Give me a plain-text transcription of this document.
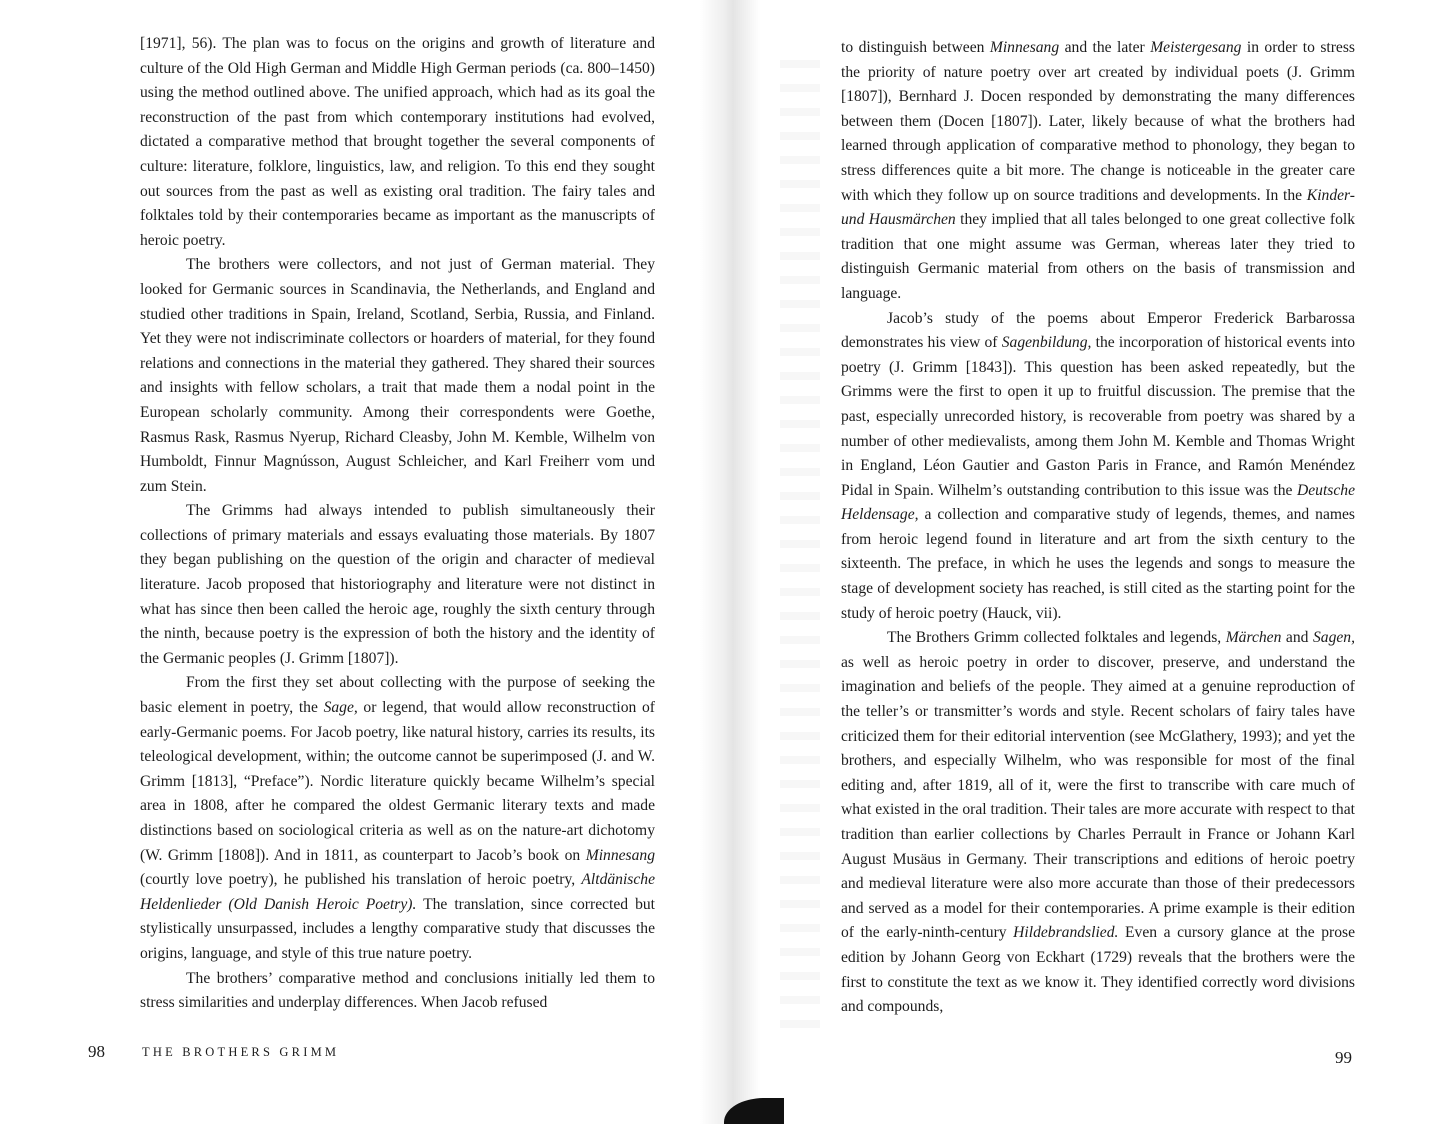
[1971], 56). The plan was to focus on the origins and growth of literature and culture of the Old High German and Middle High German periods (ca. 800–1450) using the method outlined above. The unified approach, which had as its goal the reconstruction of the past from which contemporary institutions had evolved, dictated a comparative method that brought together the several components of culture: literature, folklore, linguistics, law, and religion. To this end they sought out sources from the past as well as existing oral tradition. The fairy tales and folktales told by their contemporaries became as important as the manuscripts of heroic poetry.

The brothers were collectors, and not just of German material. They looked for Germanic sources in Scandinavia, the Netherlands, and England and studied other traditions in Spain, Ireland, Scotland, Serbia, Russia, and Finland. Yet they were not indiscriminate collectors or hoarders of material, for they found relations and connections in the material they gathered. They shared their sources and insights with fellow scholars, a trait that made them a nodal point in the European scholarly community. Among their correspondents were Goethe, Rasmus Rask, Rasmus Nyerup, Richard Cleasby, John M. Kemble, Wilhelm von Humboldt, Finnur Magnússon, August Schleicher, and Karl Freiherr vom und zum Stein.

The Grimms had always intended to publish simultaneously their collections of primary materials and essays evaluating those materials. By 1807 they began publishing on the question of the origin and character of medieval literature. Jacob proposed that historiography and literature were not distinct in what has since then been called the heroic age, roughly the sixth century through the ninth, because poetry is the expression of both the history and the identity of the Germanic peoples (J. Grimm [1807]).

From the first they set about collecting with the purpose of seeking the basic element in poetry, the Sage, or legend, that would allow reconstruction of early-Germanic poems. For Jacob poetry, like natural history, carries its results, its teleological development, within; the outcome cannot be superimposed (J. and W. Grimm [1813], “Preface”). Nordic literature quickly became Wilhelm’s special area in 1808, after he compared the oldest Germanic literary texts and made distinctions based on sociological criteria as well as on the nature-art dichotomy (W. Grimm [1808]). And in 1811, as counterpart to Jacob’s book on Minnesang (courtly love poetry), he published his translation of heroic poetry, Altdänische Heldenlieder (Old Danish Heroic Poetry). The translation, since corrected but stylistically unsurpassed, includes a lengthy comparative study that discusses the origins, language, and style of this true nature poetry.

The brothers’ comparative method and conclusions initially led them to stress similarities and underplay differences. When Jacob refused

to distinguish between Minnesang and the later Meistergesang in order to stress the priority of nature poetry over art created by individual poets (J. Grimm [1807]), Bernhard J. Docen responded by demonstrating the many differences between them (Docen [1807]). Later, likely because of what the brothers had learned through application of comparative method to phonology, they began to stress differences quite a bit more. The change is noticeable in the greater care with which they follow up on source traditions and developments. In the Kinder- und Hausmärchen they implied that all tales belonged to one great collective folk tradition that one might assume was German, whereas later they tried to distinguish Germanic material from others on the basis of transmission and language.

Jacob’s study of the poems about Emperor Frederick Barbarossa demonstrates his view of Sagenbildung, the incorporation of historical events into poetry (J. Grimm [1843]). This question has been asked repeatedly, but the Grimms were the first to open it up to fruitful discussion. The premise that the past, especially unrecorded history, is recoverable from poetry was shared by a number of other medievalists, among them John M. Kemble and Thomas Wright in England, Léon Gautier and Gaston Paris in France, and Ramón Menéndez Pidal in Spain. Wilhelm’s outstanding contribution to this issue was the Deutsche Heldensage, a collection and comparative study of legends, themes, and names from heroic legend found in literature and art from the sixth century to the sixteenth. The preface, in which he uses the legends and songs to measure the stage of development society has reached, is still cited as the starting point for the study of heroic poetry (Hauck, vii).

The Brothers Grimm collected folktales and legends, Märchen and Sagen, as well as heroic poetry in order to discover, preserve, and understand the imagination and beliefs of the people. They aimed at a genuine reproduction of the teller’s or transmitter’s words and style. Recent scholars of fairy tales have criticized them for their editorial intervention (see McGlathery, 1993); and yet the brothers, and especially Wilhelm, who was responsible for most of the final editing and, after 1819, all of it, were the first to transcribe with care much of what existed in the oral tradition. Their tales are more accurate with respect to that tradition than earlier collections by Charles Perrault in France or Johann Karl August Musäus in Germany. Their transcriptions and editions of heroic poetry and medieval literature were also more accurate than those of their predecessors and served as a model for their contemporaries. A prime example is their edition of the early-ninth-century Hildebrandslied. Even a cursory glance at the prose edition by Johann Georg von Eckhart (1729) reveals that the brothers were the first to constitute the text as we know it. They identified correctly word divisions and compounds,

98	THE BROTHERS GRIMM	99
